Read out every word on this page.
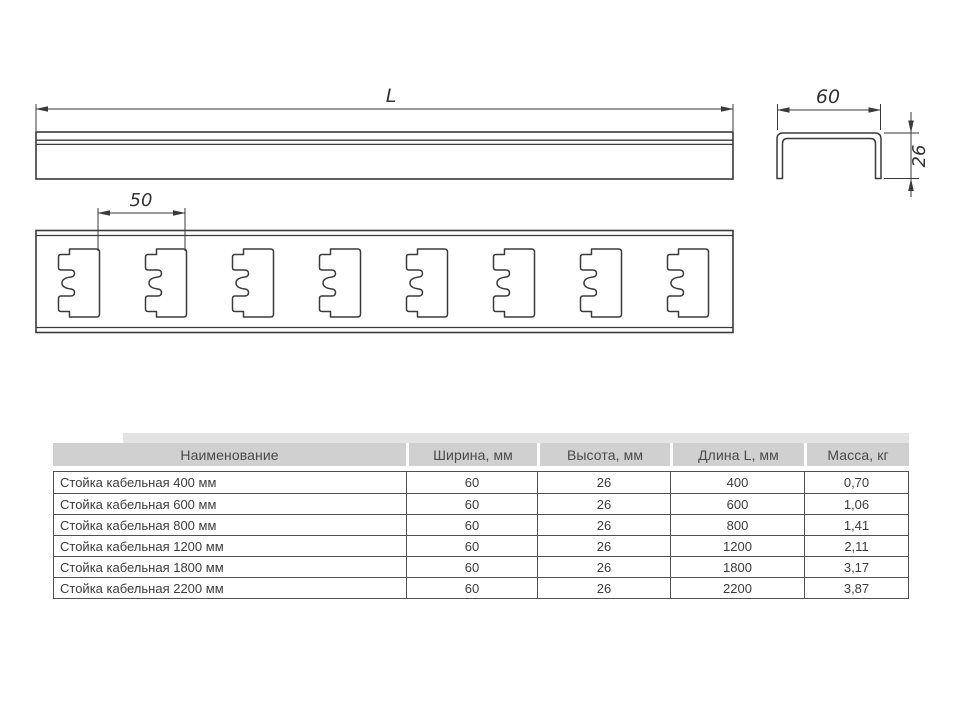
L	60
26
50
Наименование	Ширина, мм	Высота, мм	Длина L, мм	Масса, кг
Стойка кабельная 400 мм	60	26	400	0,70
Стойка кабельная 600 мм	60	26	600	1,06
Стойка кабельная 800 мм	60	26	800	1,41
Стойка кабельная 1200 мм	60	26	1200	2,11
Стойка кабельная 1800 мм	60	26	1800	3,17
Стойка кабельная 2200 мм	60	26	2200	3,87
